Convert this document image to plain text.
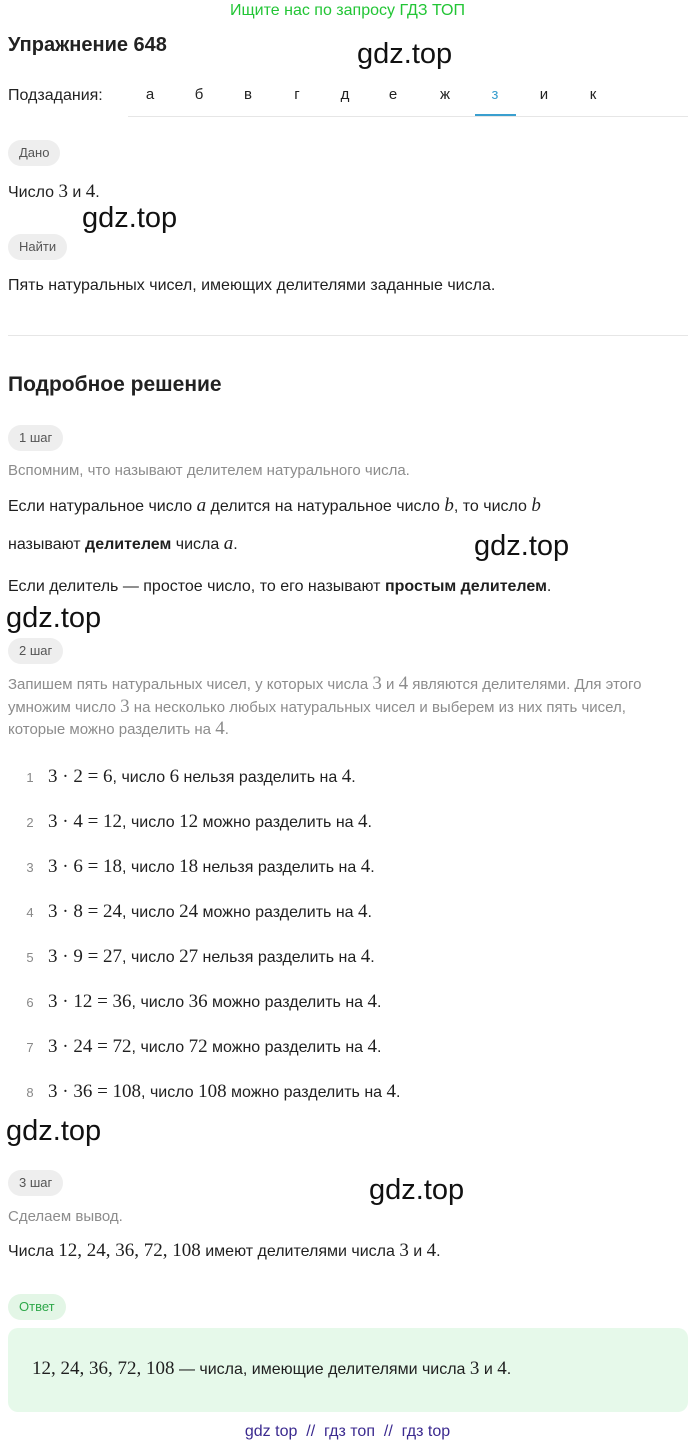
Ищите нас по запросу ГДЗ ТОП
Упражнение 648	gdz.top
gdz.top
gdz.top
gdz.top
gdz.top
gdz.top
Подзадания:	а	б	в	г	д	е	ж	з	и	к
Дано
Число 3 и 4.
Найти
Пять натуральных чисел, имеющих делителями заданные числа.
Подробное решение
1 шаг
Вспомним, что называют делителем натурального числа.
Если натуральное число a делится на натуральное число b, то число b
называют делителем числа a.
Если делитель — простое число, то его называют простым делителем.
2 шаг
Запишем пять натуральных чисел, у которых числа 3 и 4 являются делителями. Для этого
умножим число 3 на несколько любых натуральных чисел и выберем из них пять чисел,
которые можно разделить на 4.
1 3 · 2 = 6, число 6 нельзя разделить на 4.
2 3 · 4 = 12, число 12 можно разделить на 4.
3 3 · 6 = 18, число 18 нельзя разделить на 4.
4 3 · 8 = 24, число 24 можно разделить на 4.
5 3 · 9 = 27, число 27 нельзя разделить на 4.
6 3 · 12 = 36, число 36 можно разделить на 4.
7 3 · 24 = 72, число 72 можно разделить на 4.
8 3 · 36 = 108, число 108 можно разделить на 4.
3 шаг
Сделаем вывод.
Числа 12, 24, 36, 72, 108 имеют делителями числа 3 и 4.
Ответ
12, 24, 36, 72, 108 — числа, имеющие делителями числа 3 и 4.
gdz top  //  гдз топ  //  гдз top
